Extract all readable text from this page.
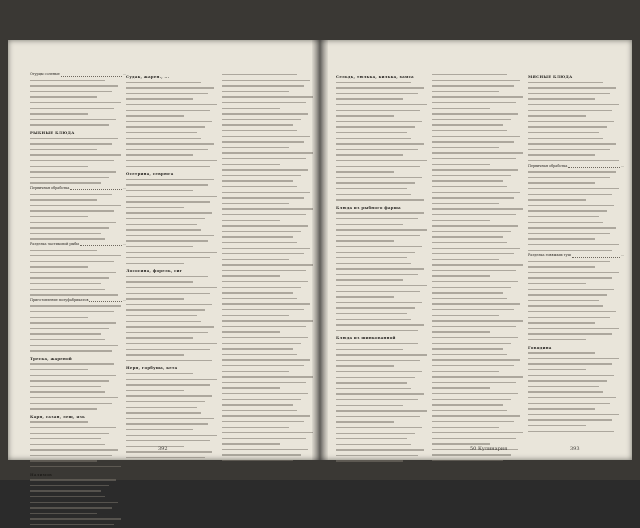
Огурцы соленые	...
РЫБНЫЕ БЛЮДА
Первичная обработка	...
Разделка частиковой рыбы	...
Приготовление полуфабрикатов	...
Треска, жареной
Карп, сазан, лещ, язь
Налимов
Судак, жарен., ...
Осетрина, севрюга
Лососина, форель, сиг
Нерп, горбуша, кета
392
Сельдь, тюлька, килька, хамса
Блюда из рыбного фарша
Блюда из шинкованной
МЯСНЫЕ БЛЮДА
Первичная обработка	...
Разделка говяжьих туш	...
Говядина
50 Кулинария	393
